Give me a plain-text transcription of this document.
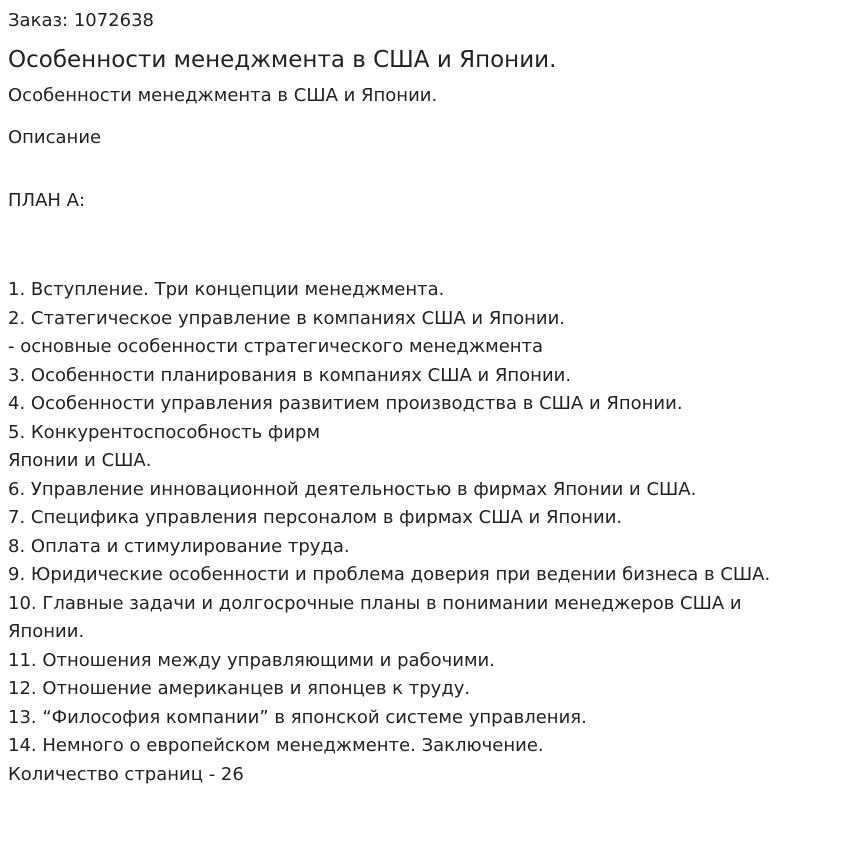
Заказ: 1072638

Особенности менеджмента в США и Японии.

Особенности менеджмента в США и Японии.

Описание

ПЛАН А:

1. Вступление. Три концепции менеджмента.
2. Статегическое управление в компаниях США и Японии.
- основные особенности стратегического менеджмента
3. Особенности планирования в компаниях США и Японии.
4. Особенности управления развитием производства в США и Японии.
5. Конкурентоспособность фирм
Японии и США.
6. Управление инновационной деятельностью в фирмах Японии и США.
7. Специфика управления персоналом в фирмах США и Японии.
8. Оплата и стимулирование труда.
9. Юридические особенности и проблема доверия при ведении бизнеса в США.
10. Главные задачи и долгосрочные планы в понимании менеджеров США и Японии.
11. Отношения между управляющими и рабочими.
12. Отношение американцев и японцев к труду.
13. “Философия компании” в японской системе управления.
14. Немного о европейском менеджменте. Заключение.

Количество страниц - 26
